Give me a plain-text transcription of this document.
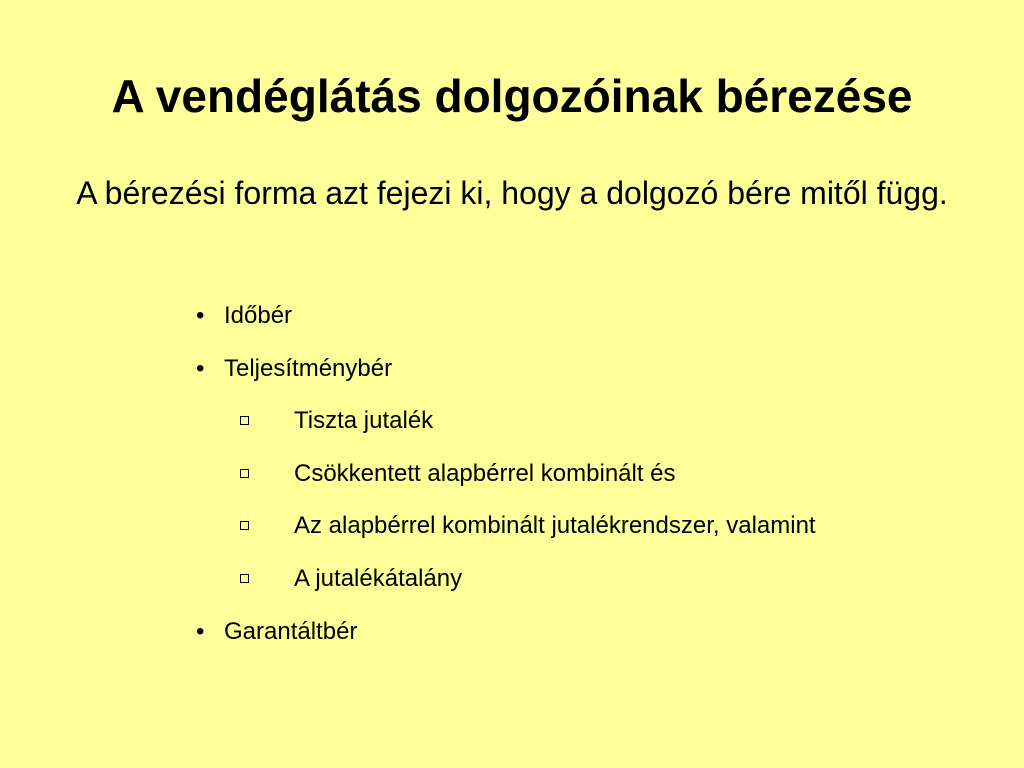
A vendéglátás dolgozóinak bérezése

A bérezési forma azt fejezi ki, hogy a dolgozó bére mitől függ.

• Időbér
• Teljesítménybér
Tiszta jutalék
Csökkentett alapbérrel kombinált és
Az alapbérrel kombinált jutalékrendszer, valamint
A jutalékátalány
• Garantáltbér
